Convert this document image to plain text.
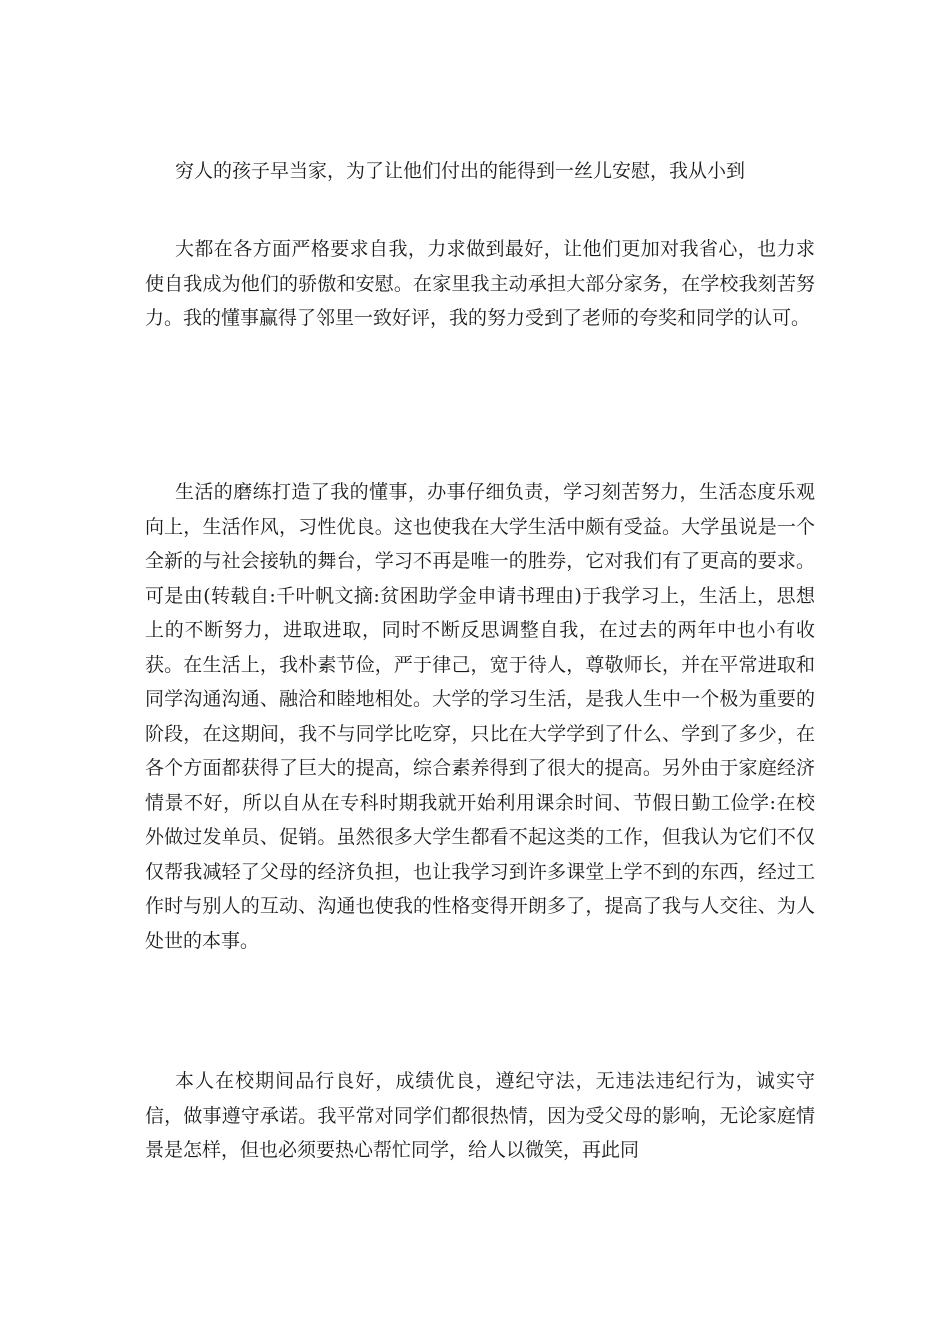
穷人的孩子早当家，为了让他们付出的能得到一丝儿安慰，我从小到

大都在各方面严格要求自我，力求做到最好，让他们更加对我省心，也力求使自我成为他们的骄傲和安慰。在家里我主动承担大部分家务，在学校我刻苦努力。我的懂事赢得了邻里一致好评，我的努力受到了老师的夸奖和同学的认可。

生活的磨练打造了我的懂事，办事仔细负责，学习刻苦努力，生活态度乐观向上，生活作风，习性优良。这也使我在大学生活中颇有受益。大学虽说是一个全新的与社会接轨的舞台，学习不再是唯一的胜券，它对我们有了更高的要求。可是由(转载自:千叶帆文摘:贫困助学金申请书理由)于我学习上，生活上，思想上的不断努力，进取进取，同时不断反思调整自我，在过去的两年中也小有收获。在生活上，我朴素节俭，严于律己，宽于待人，尊敬师长，并在平常进取和同学沟通沟通、融洽和睦地相处。大学的学习生活，是我人生中一个极为重要的阶段，在这期间，我不与同学比吃穿，只比在大学学到了什么、学到了多少，在各个方面都获得了巨大的提高，综合素养得到了很大的提高。另外由于家庭经济情景不好，所以自从在专科时期我就开始利用课余时间、节假日勤工俭学:在校外做过发单员、促销。虽然很多大学生都看不起这类的工作，但我认为它们不仅仅帮我减轻了父母的经济负担，也让我学习到许多课堂上学不到的东西，经过工作时与别人的互动、沟通也使我的性格变得开朗多了，提高了我与人交往、为人处世的本事。

本人在校期间品行良好，成绩优良，遵纪守法，无违法违纪行为，诚实守信，做事遵守承诺。我平常对同学们都很热情，因为受父母的影响，无论家庭情景是怎样，但也必须要热心帮忙同学，给人以微笑，再此同
